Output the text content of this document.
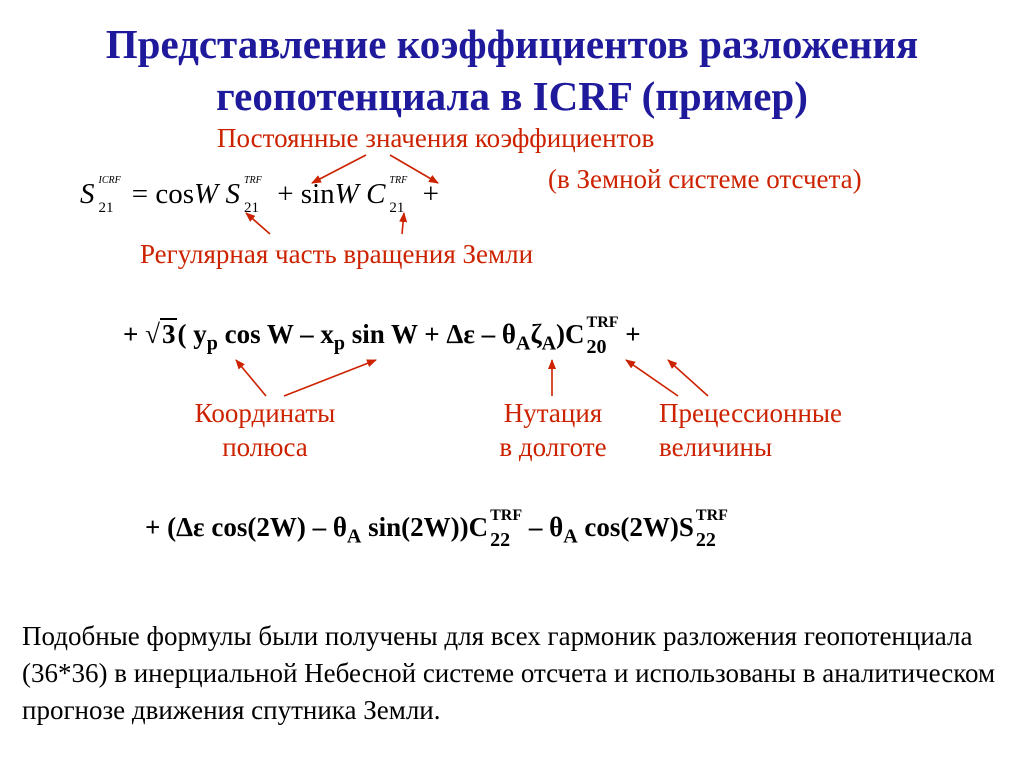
Представление коэффициентов разложения
геопотенциала в ICRF (пример)
Постоянные значения коэффициентов
(в Земной системе отсчета)
S ICRF
21 = cosW S TRF
21 + sinW C TRF
21 +
Регулярная часть вращения Земли
+ √3( $y_p$ cos W – $x_p$ $\sin W + \Delta\varepsilon - \theta_A\zeta_A)C$ TRF
20 +
Координаты
полюса
Нутация
в долготе
Прецессионные
величины
+ (Δε $\cos(2W) - \theta_A$ sin(2W))C TRF
$22 - \theta_A$ cos(2W)S TRF
22
Подобные формулы были получены для всех гармоник разложения геопотенциала (36*36) в инерциальной Небесной системе отсчета и использованы в аналитическом прогнозе движения спутника Земли.
